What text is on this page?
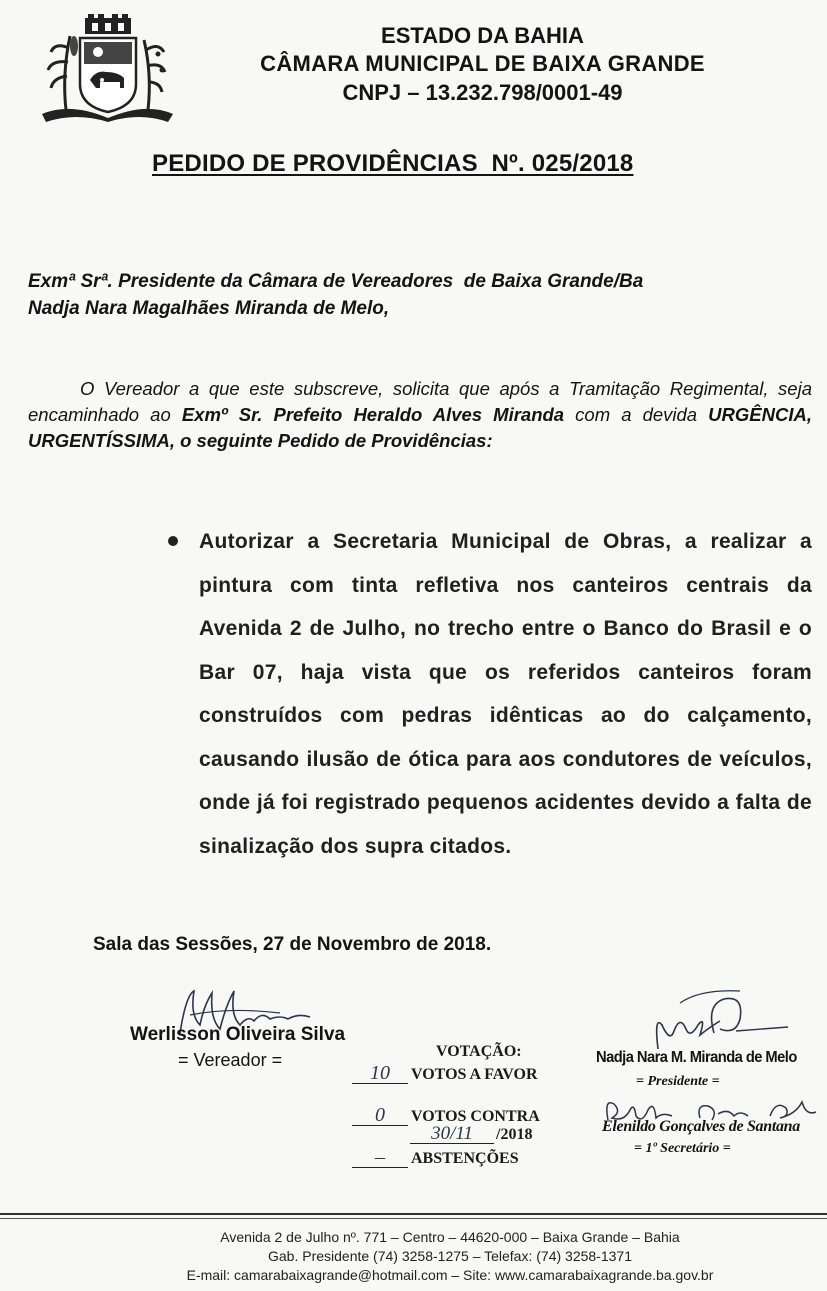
ESTADO DA BAHIA
CÂMARA MUNICIPAL DE BAIXA GRANDE
CNPJ – 13.232.798/0001-49
PEDIDO DE PROVIDÊNCIAS  Nº. 025/2018
Exmª Srª. Presidente da Câmara de Vereadores  de Baixa Grande/Ba
Nadja Nara Magalhães Miranda de Melo,
O Vereador a que este subscreve, solicita que após a Tramitação Regimental, seja encaminhado ao Exmº Sr. Prefeito Heraldo Alves Miranda com a devida URGÊNCIA, URGENTÍSSIMA, o seguinte Pedido de Providências:
Autorizar a Secretaria Municipal de Obras, a realizar a pintura com tinta refletiva nos canteiros centrais da Avenida 2 de Julho, no trecho entre o Banco do Brasil e o Bar 07, haja vista que os referidos canteiros foram construídos com pedras idênticas ao do calçamento, causando ilusão de ótica para aos condutores de veículos, onde já foi registrado pequenos acidentes devido a falta de sinalização dos supra citados.
Sala das Sessões, 27 de Novembro de 2018.
Werlisson Oliveira Silva
= Vereador =	VOTAÇÃO:
10	VOTOS A FAVOR
0	VOTOS CONTRA
30/11	/2018
–	ABSTENÇÕES
Nadja Nara M. Miranda de Melo
= Presidente =
Elenildo Gonçalves de Santana
= 1º Secretário =
Avenida 2 de Julho nº. 771 – Centro – 44620-000 – Baixa Grande – Bahia
Gab. Presidente (74) 3258-1275 – Telefax: (74) 3258-1371
E-mail: camarabaixagrande@hotmail.com – Site: www.camarabaixagrande.ba.gov.br
